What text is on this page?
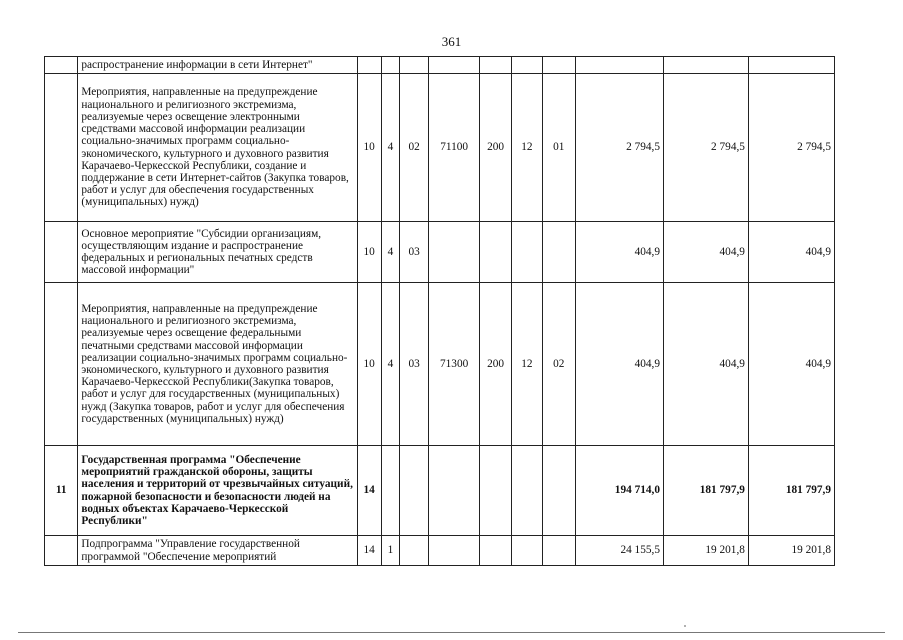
361
	распространение информации в сети Интернет"										
	Мероприятия, направленные на предупреждение национального и религиозного экстремизма, реализуемые через освещение электронными средствами массовой информации реализации социально-значимых программ социально-экономического, культурного и духовного развития Карачаево-Черкесской Республики, создание и поддержание в сети Интернет-сайтов (Закупка товаров, работ и услуг для обеспечения государственных (муниципальных) нужд)	10	4	02	71100	200	12	01	2 794,5	2 794,5	2 794,5
	Основное мероприятие "Субсидии организациям, осуществляющим издание и распространение федеральных и региональных печатных средств массовой информации"	10	4	03					404,9	404,9	404,9
	Мероприятия, направленные на предупреждение национального и религиозного экстремизма, реализуемые через освещение федеральными печатными средствами массовой информации реализации социально-значимых программ социально-экономического, культурного и духовного развития Карачаево-Черкесской Республики(Закупка товаров, работ и услуг для государственных (муниципальных) нужд (Закупка товаров, работ и услуг для обеспечения государственных (муниципальных) нужд)	10	4	03	71300	200	12	02	404,9	404,9	404,9
11	Государственная программа "Обеспечение мероприятий гражданской обороны, защиты населения и территорий от чрезвычайных ситуаций, пожарной безопасности и безопасности людей на водных объектах Карачаево-Черкесской Республики"	14							194 714,0	181 797,9	181 797,9
	Подпрограмма "Управление государственной программой "Обеспечение мероприятий	14	1						24 155,5	19 201,8	19 201,8
